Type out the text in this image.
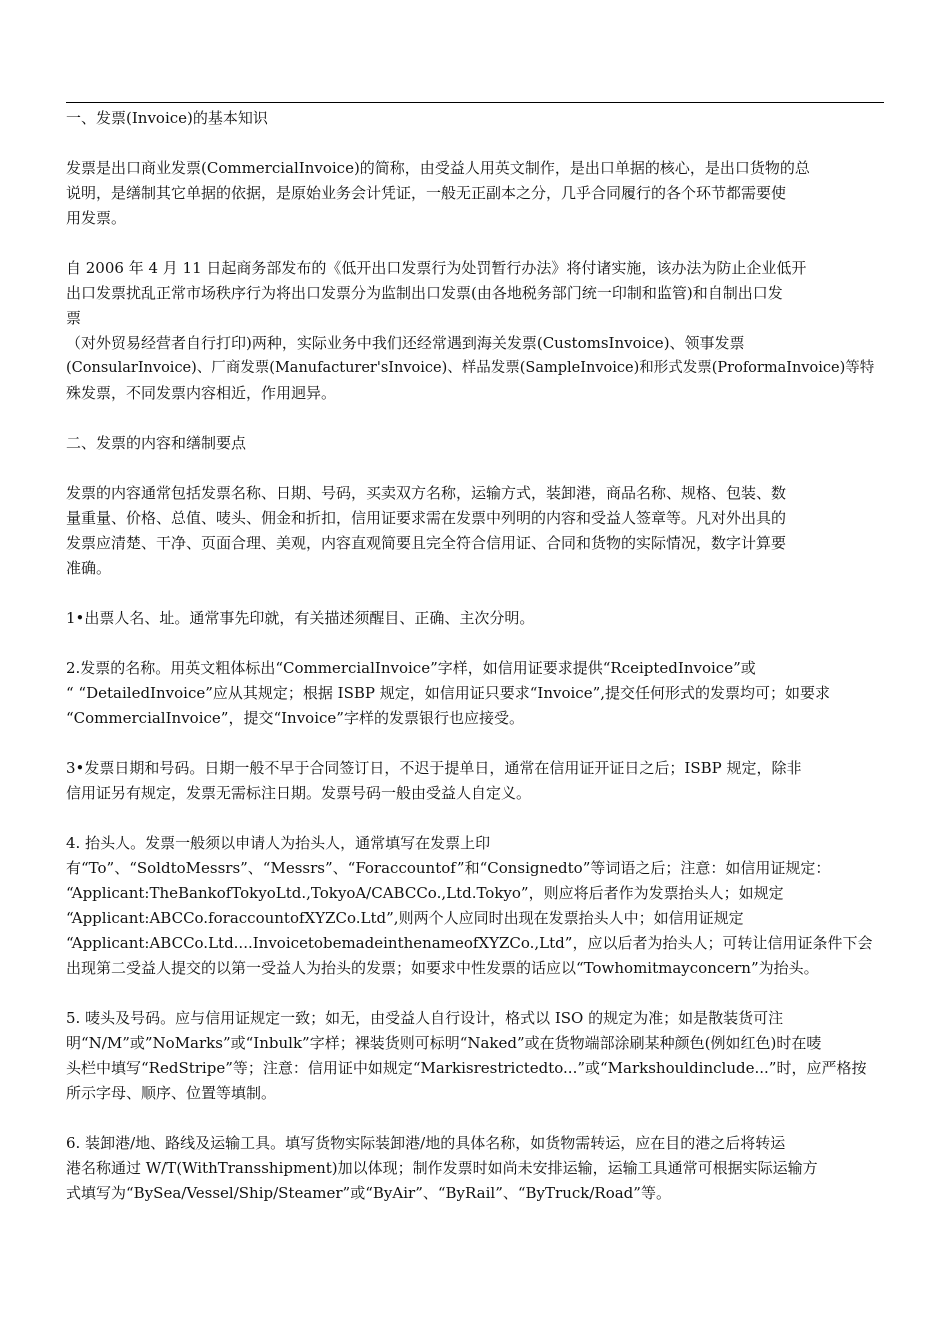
一、发票(Invoice)的基本知识

发票是出口商业发票(CommercialInvoice)的简称，由受益人用英文制作，是出口单据的核心，是出口货物的总
说明，是缮制其它单据的依据，是原始业务会计凭证，一般无正副本之分，几乎合同履行的各个环节都需要使
用发票。

自 2006 年 4 月 11 日起商务部发布的《低开出口发票行为处罚暂行办法》将付诸实施，该办法为防止企业低开
出口发票扰乱正常市场秩序行为将出口发票分为监制出口发票(由各地税务部门统一印制和监管)和自制出口发
票
（对外贸易经营者自行打印)两种，实际业务中我们还经常遇到海关发票(CustomsInvoice)、领事发票
(ConsularInvoice)、厂商发票(Manufacturer'sInvoice)、样品发票(SampleInvoice)和形式发票(ProformaInvoice)等特
殊发票，不同发票内容相近，作用迥异。

二、发票的内容和缮制要点

发票的内容通常包括发票名称、日期、号码，买卖双方名称，运输方式，装卸港，商品名称、规格、包装、数
量重量、价格、总值、唛头、佣金和折扣，信用证要求需在发票中列明的内容和受益人签章等。凡对外出具的
发票应清楚、干净、页面合理、美观，内容直观简要且完全符合信用证、合同和货物的实际情况，数字计算要
准确。

1•出票人名、址。通常事先印就，有关描述须醒目、正确、主次分明。

2.发票的名称。用英文粗体标出“CommercialInvoice”字样，如信用证要求提供“RceiptedInvoice”或
“ “DetailedInvoice”应从其规定；根据 ISBP 规定，如信用证只要求“Invoice”,提交任何形式的发票均可；如要求
“CommercialInvoice”，提交“Invoice”字样的发票银行也应接受。

3•发票日期和号码。日期一般不早于合同签订日，不迟于提单日，通常在信用证开证日之后；ISBP 规定，除非
信用证另有规定，发票无需标注日期。发票号码一般由受益人自定义。

4. 抬头人。发票一般须以申请人为抬头人，通常填写在发票上印
有“To”、“SoldtoMessrs”、“Messrs”、“Foraccountof”和“Consignedto”等词语之后；注意：如信用证规定：
“Applicant:TheBankofTokyoLtd.,TokyoA/CABCCo.,Ltd.Tokyo”，则应将后者作为发票抬头人；如规定
“Applicant:ABCCo.foraccountofXYZCo.Ltd”,则两个人应同时出现在发票抬头人中；如信用证规定
“Applicant:ABCCo.Ltd....InvoicetobemadeinthenameofXYZCo.,Ltd”，应以后者为抬头人；可转让信用证条件下会
出现第二受益人提交的以第一受益人为抬头的发票；如要求中性发票的话应以“Towhomitmayconcern”为抬头。

5. 唛头及号码。应与信用证规定一致；如无，由受益人自行设计，格式以 ISO 的规定为准；如是散装货可注
明“N/M”或”NoMarks”或“Inbulk”字样；裸装货则可标明“Naked”或在货物端部涂刷某种颜色(例如红色)时在唛
头栏中填写“RedStripe”等；注意：信用证中如规定“Markisrestrictedto...”或“Markshouldinclude...”时，应严格按
所示字母、顺序、位置等填制。

6. 装卸港/地、路线及运输工具。填写货物实际装卸港/地的具体名称，如货物需转运，应在目的港之后将转运
港名称通过 W/T(WithTransshipment)加以体现；制作发票时如尚未安排运输，运输工具通常可根据实际运输方
式填写为“BySea/Vessel/Ship/Steamer”或“ByAir”、“ByRail”、“ByTruck/Road”等。
